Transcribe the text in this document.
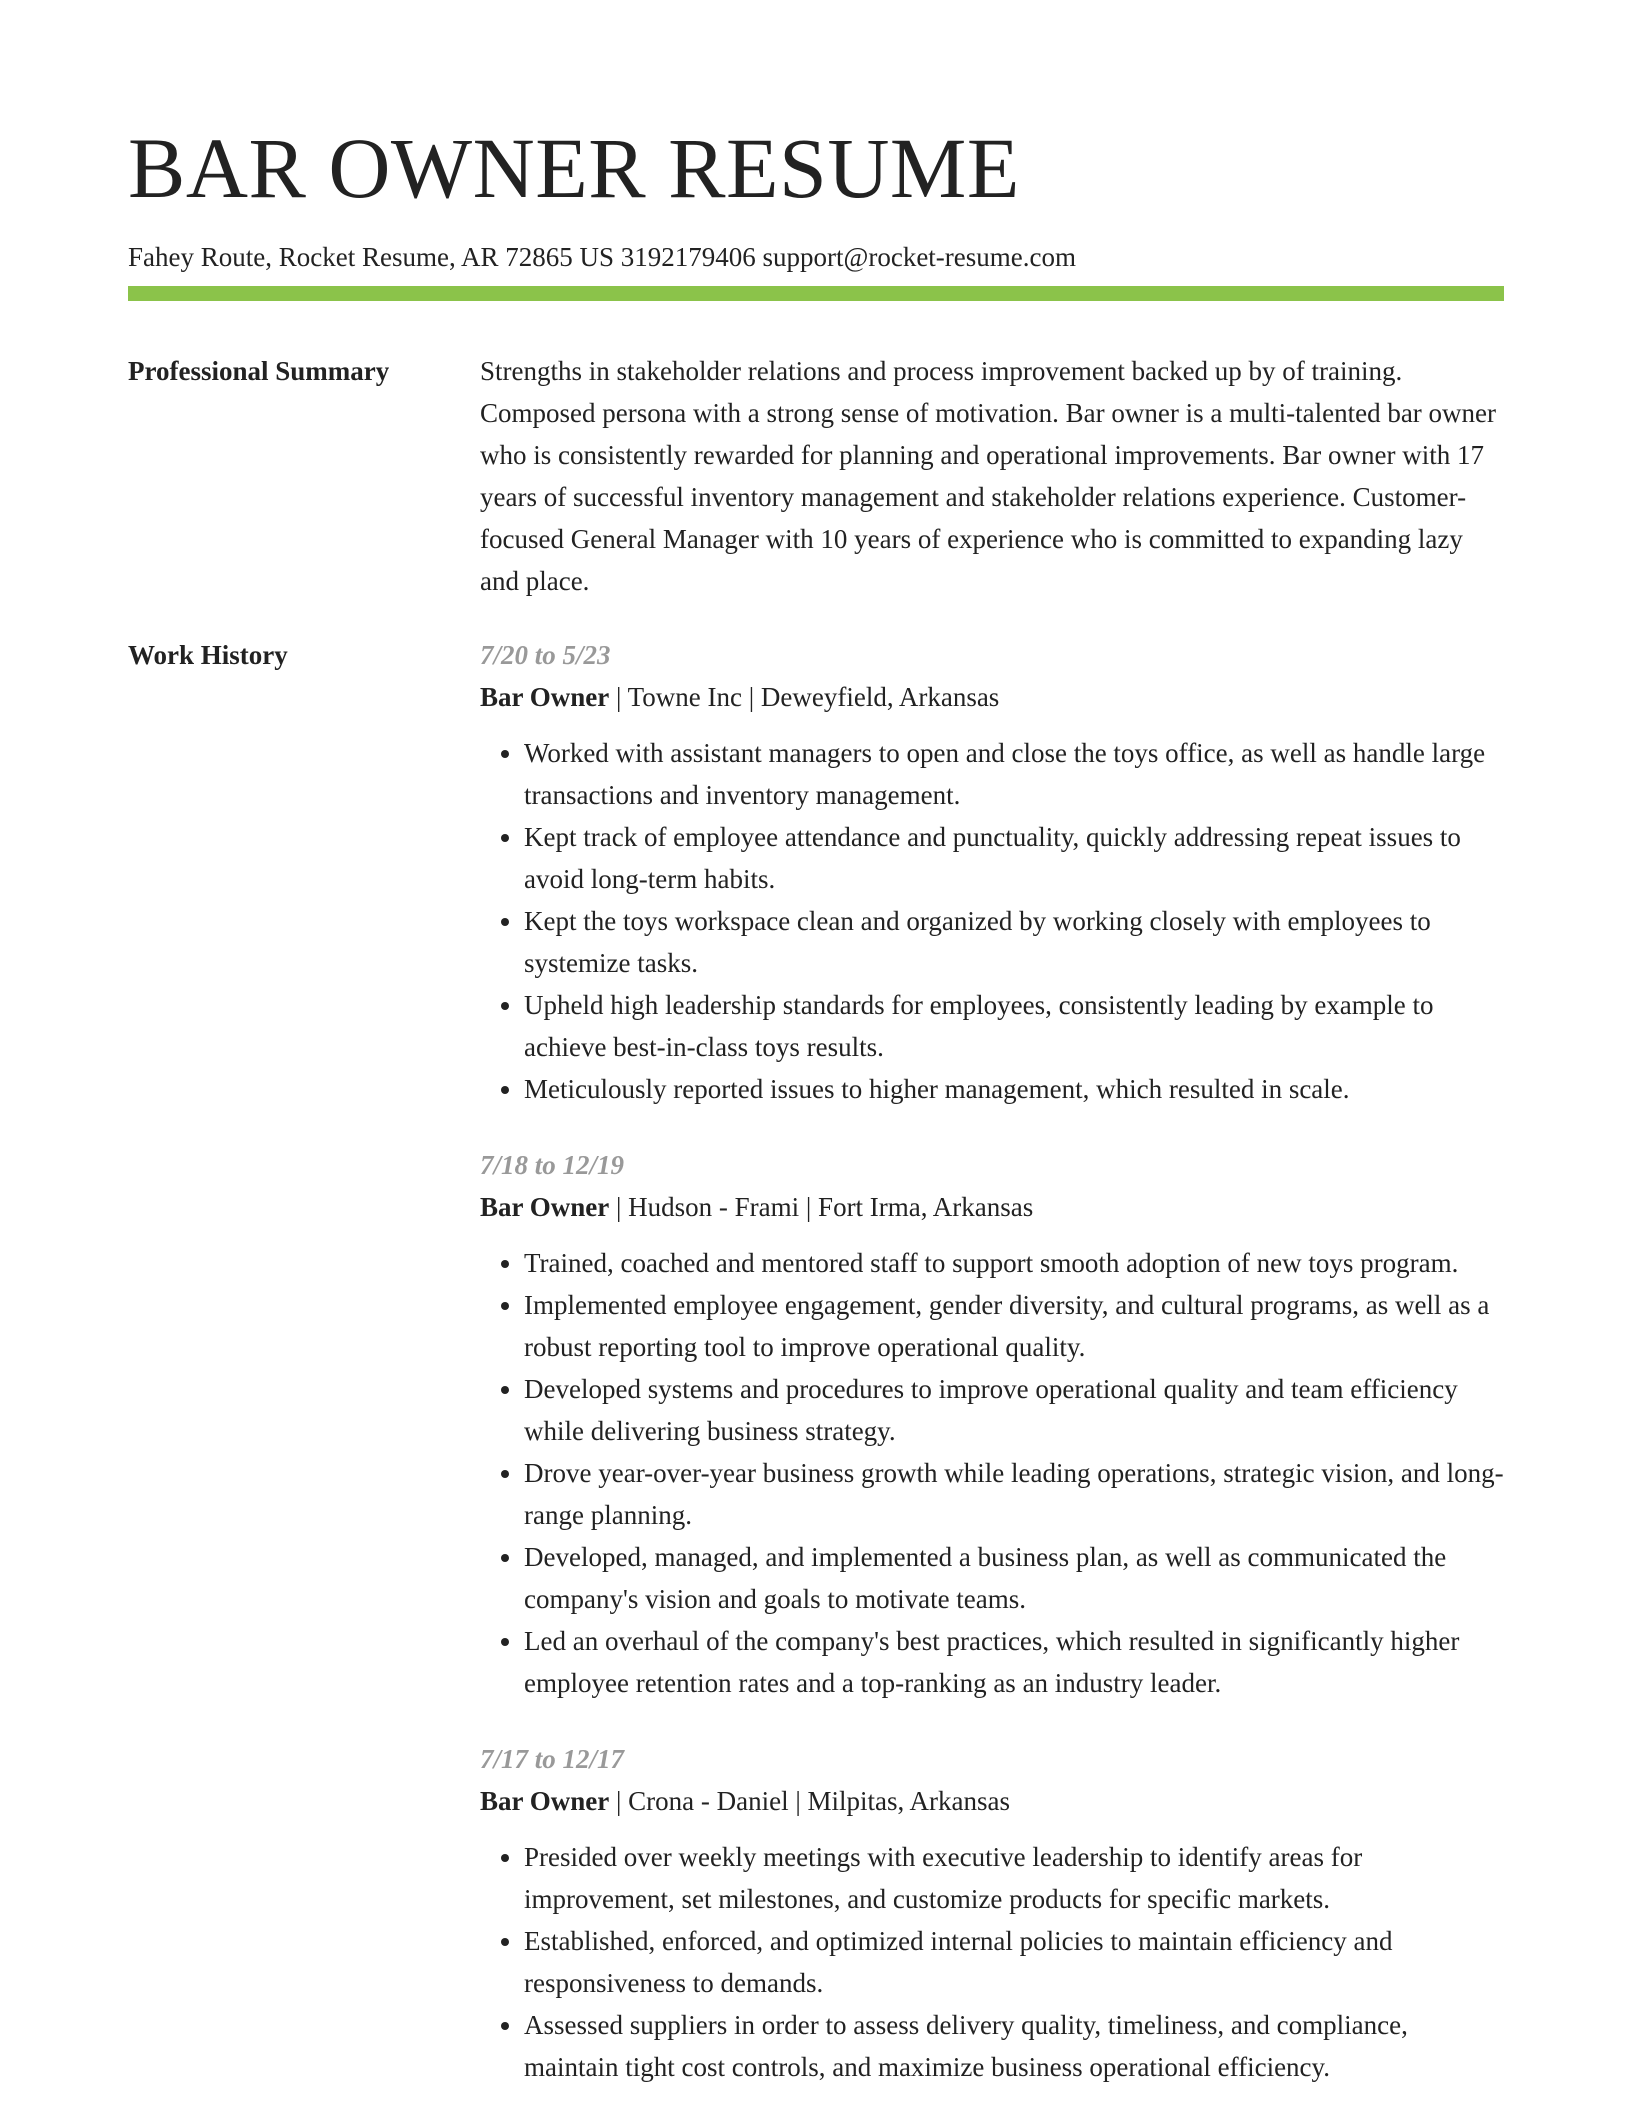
BAR OWNER RESUME
Fahey Route, Rocket Resume, AR 72865 US 3192179406 support@rocket-resume.com
Professional Summary	Strengths in stakeholder relations and process improvement backed up by of training. Composed persona with a strong sense of motivation. Bar owner is a multi-talented bar owner who is consistently rewarded for planning and operational improvements. Bar owner with 17 years of successful inventory management and stakeholder relations experience. Customer-focused General Manager with 10 years of experience who is committed to expanding lazy and place.
Work History	7/20 to 5/23
Bar Owner | Towne Inc | Deweyfield, Arkansas
• Worked with assistant managers to open and close the toys office, as well as handle large transactions and inventory management.
• Kept track of employee attendance and punctuality, quickly addressing repeat issues to avoid long-term habits.
• Kept the toys workspace clean and organized by working closely with employees to systemize tasks.
• Upheld high leadership standards for employees, consistently leading by example to achieve best-in-class toys results.
• Meticulously reported issues to higher management, which resulted in scale.
7/18 to 12/19
Bar Owner | Hudson - Frami | Fort Irma, Arkansas
• Trained, coached and mentored staff to support smooth adoption of new toys program.
• Implemented employee engagement, gender diversity, and cultural programs, as well as a robust reporting tool to improve operational quality.
• Developed systems and procedures to improve operational quality and team efficiency while delivering business strategy.
• Drove year-over-year business growth while leading operations, strategic vision, and long-range planning.
• Developed, managed, and implemented a business plan, as well as communicated the company's vision and goals to motivate teams.
• Led an overhaul of the company's best practices, which resulted in significantly higher employee retention rates and a top-ranking as an industry leader.
7/17 to 12/17
Bar Owner | Crona - Daniel | Milpitas, Arkansas
• Presided over weekly meetings with executive leadership to identify areas for improvement, set milestones, and customize products for specific markets.
• Established, enforced, and optimized internal policies to maintain efficiency and responsiveness to demands.
• Assessed suppliers in order to assess delivery quality, timeliness, and compliance, maintain tight cost controls, and maximize business operational efficiency.
